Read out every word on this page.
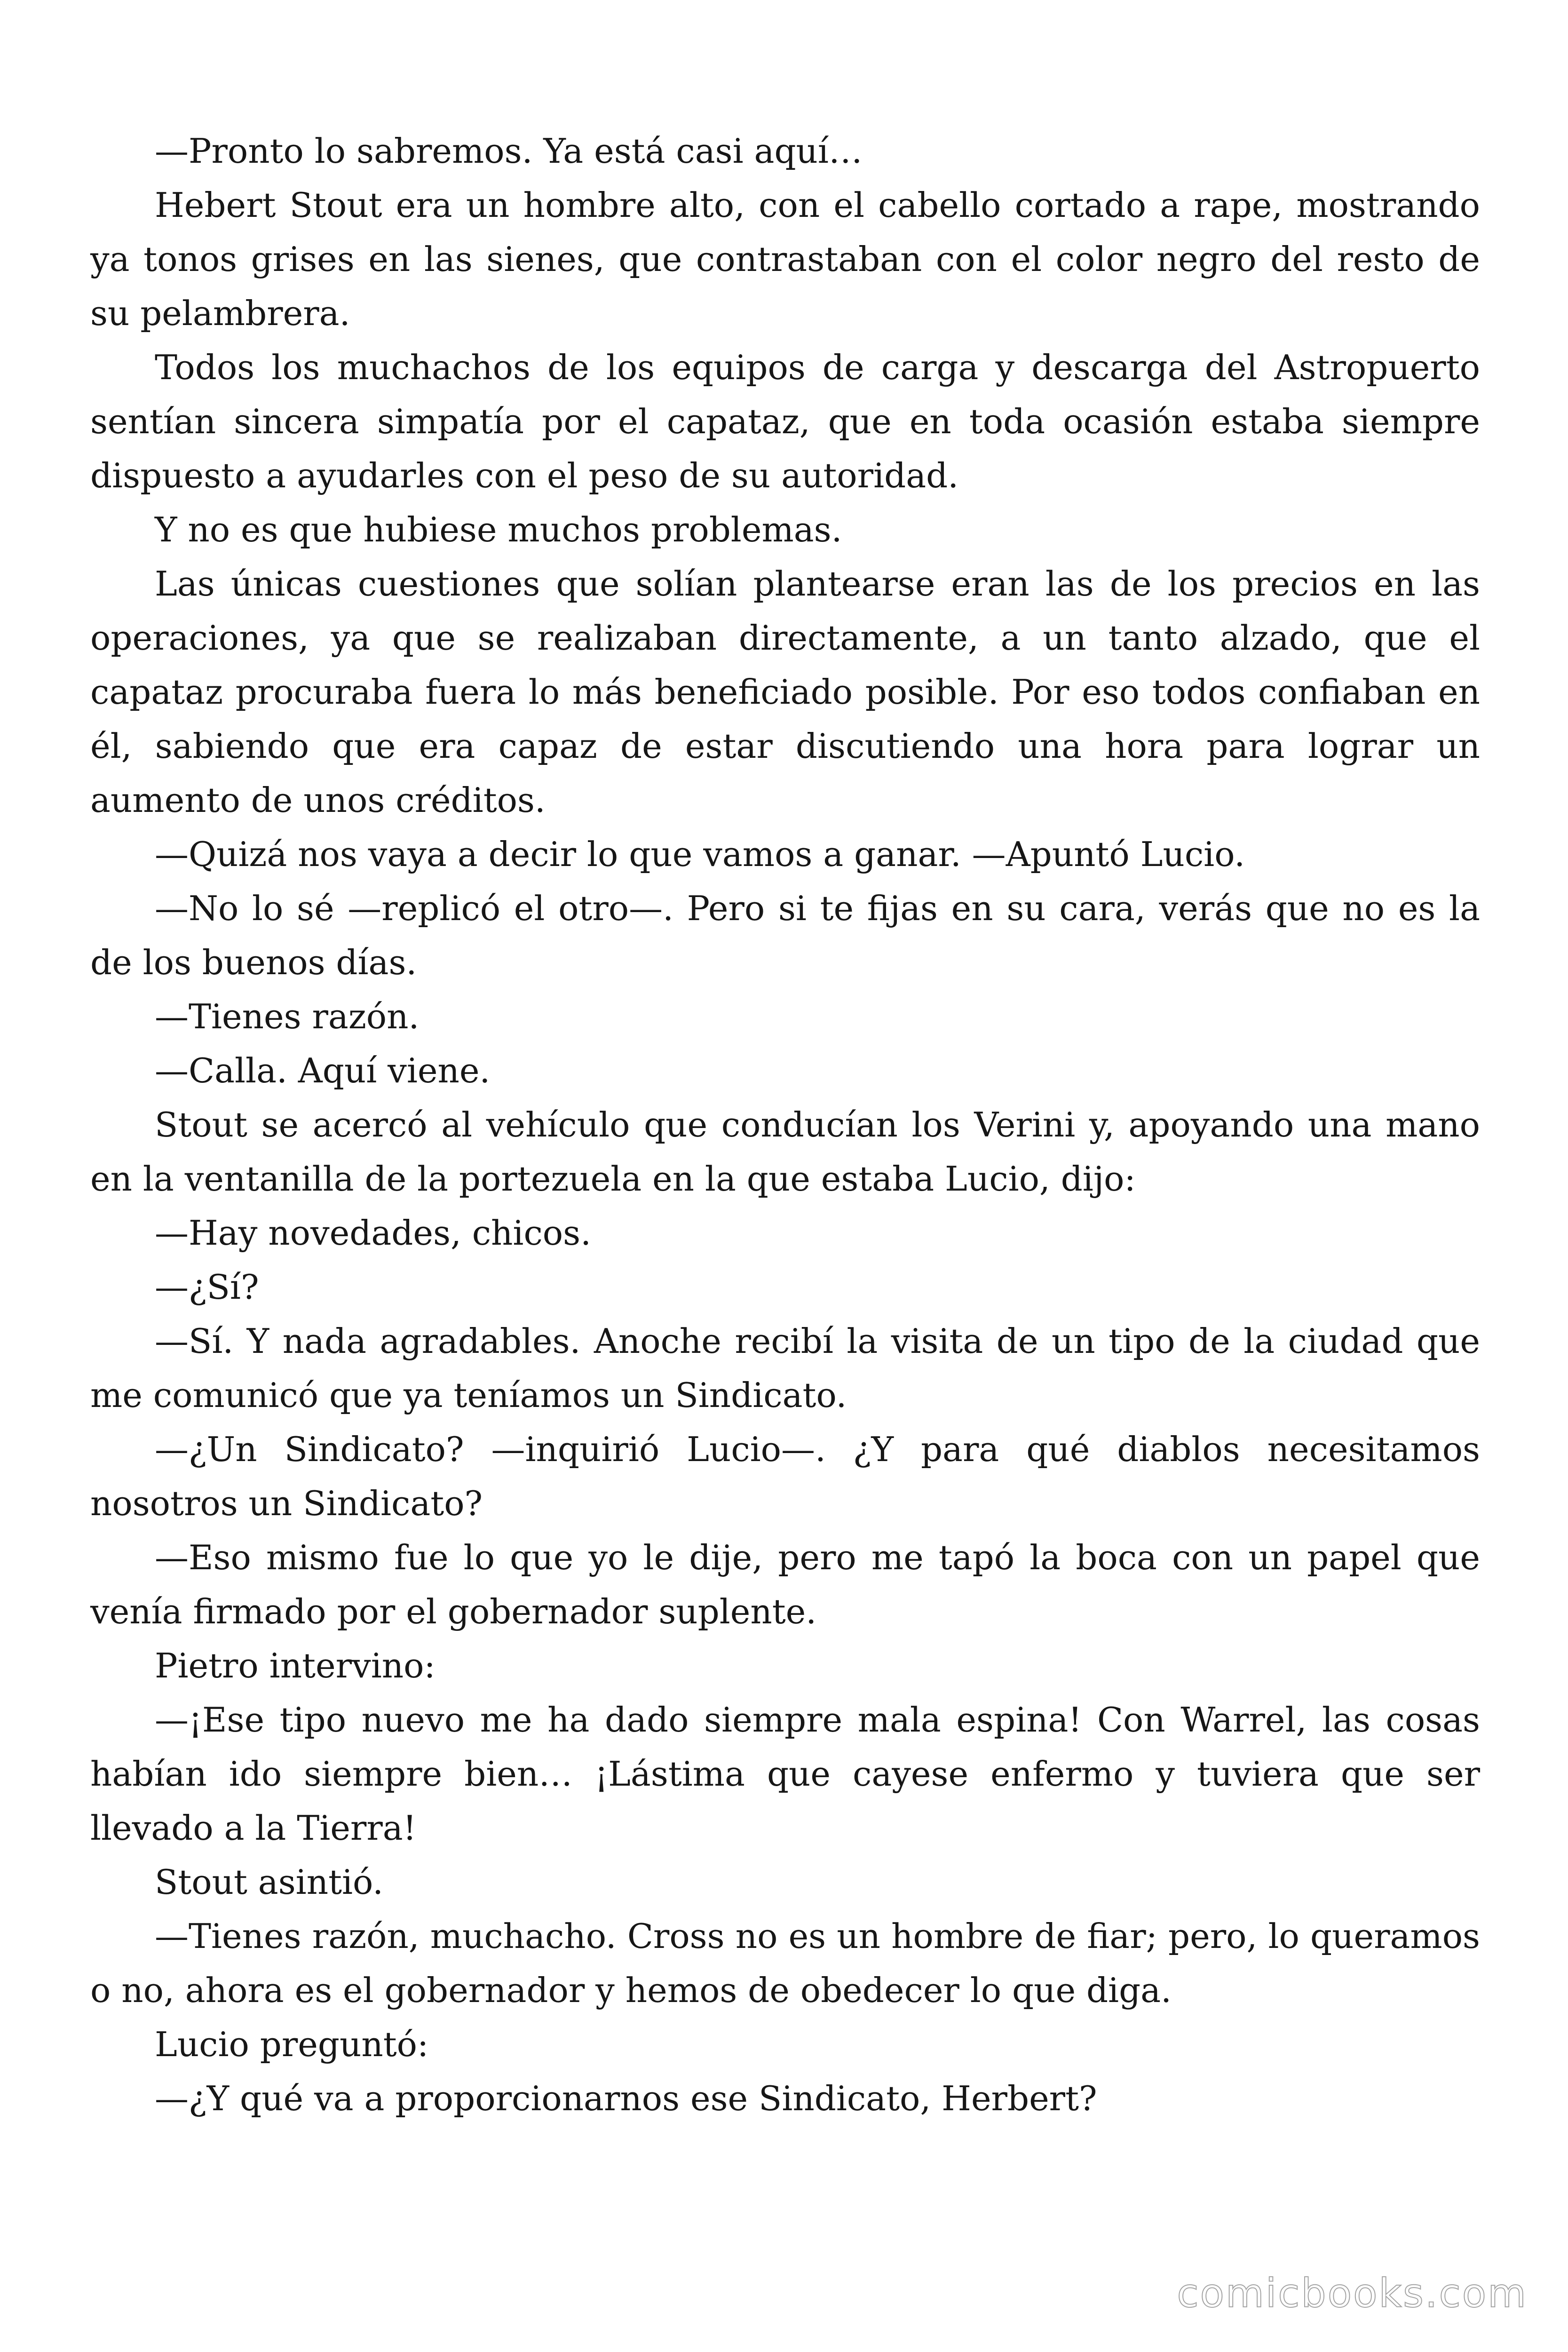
—Pronto lo sabremos. Ya está casi aquí…

Hebert Stout era un hombre alto, con el cabello cortado a rape, mostrando ya tonos grises en las sienes, que contrastaban con el color negro del resto de su pelambrera.

Todos los muchachos de los equipos de carga y descarga del Astropuerto sentían sincera simpatía por el capataz, que en toda ocasión estaba siempre dispuesto a ayudarles con el peso de su autoridad.

Y no es que hubiese muchos problemas.

Las únicas cuestiones que solían plantearse eran las de los precios en las operaciones, ya que se realizaban directamente, a un tanto alzado, que el capataz procuraba fuera lo más beneficiado posible. Por eso todos confiaban en él, sabiendo que era capaz de estar discutiendo una hora para lograr un aumento de unos créditos.

—Quizá nos vaya a decir lo que vamos a ganar. —Apuntó Lucio.

—No lo sé —replicó el otro—. Pero si te fijas en su cara, verás que no es la de los buenos días.

—Tienes razón.

—Calla. Aquí viene.

Stout se acercó al vehículo que conducían los Verini y, apoyando una mano en la ventanilla de la portezuela en la que estaba Lucio, dijo:

—Hay novedades, chicos.

—¿Sí?

—Sí. Y nada agradables. Anoche recibí la visita de un tipo de la ciudad que me comunicó que ya teníamos un Sindicato.

—¿Un Sindicato? —inquirió Lucio—. ¿Y para qué diablos necesitamos nosotros un Sindicato?

—Eso mismo fue lo que yo le dije, pero me tapó la boca con un papel que venía firmado por el gobernador suplente.

Pietro intervino:

—¡Ese tipo nuevo me ha dado siempre mala espina! Con Warrel, las cosas habían ido siempre bien… ¡Lástima que cayese enfermo y tuviera que ser llevado a la Tierra!

Stout asintió.

—Tienes razón, muchacho. Cross no es un hombre de fiar; pero, lo queramos o no, ahora es el gobernador y hemos de obedecer lo que diga.

Lucio preguntó:

—¿Y qué va a proporcionarnos ese Sindicato, Herbert?

comicbooks.com
